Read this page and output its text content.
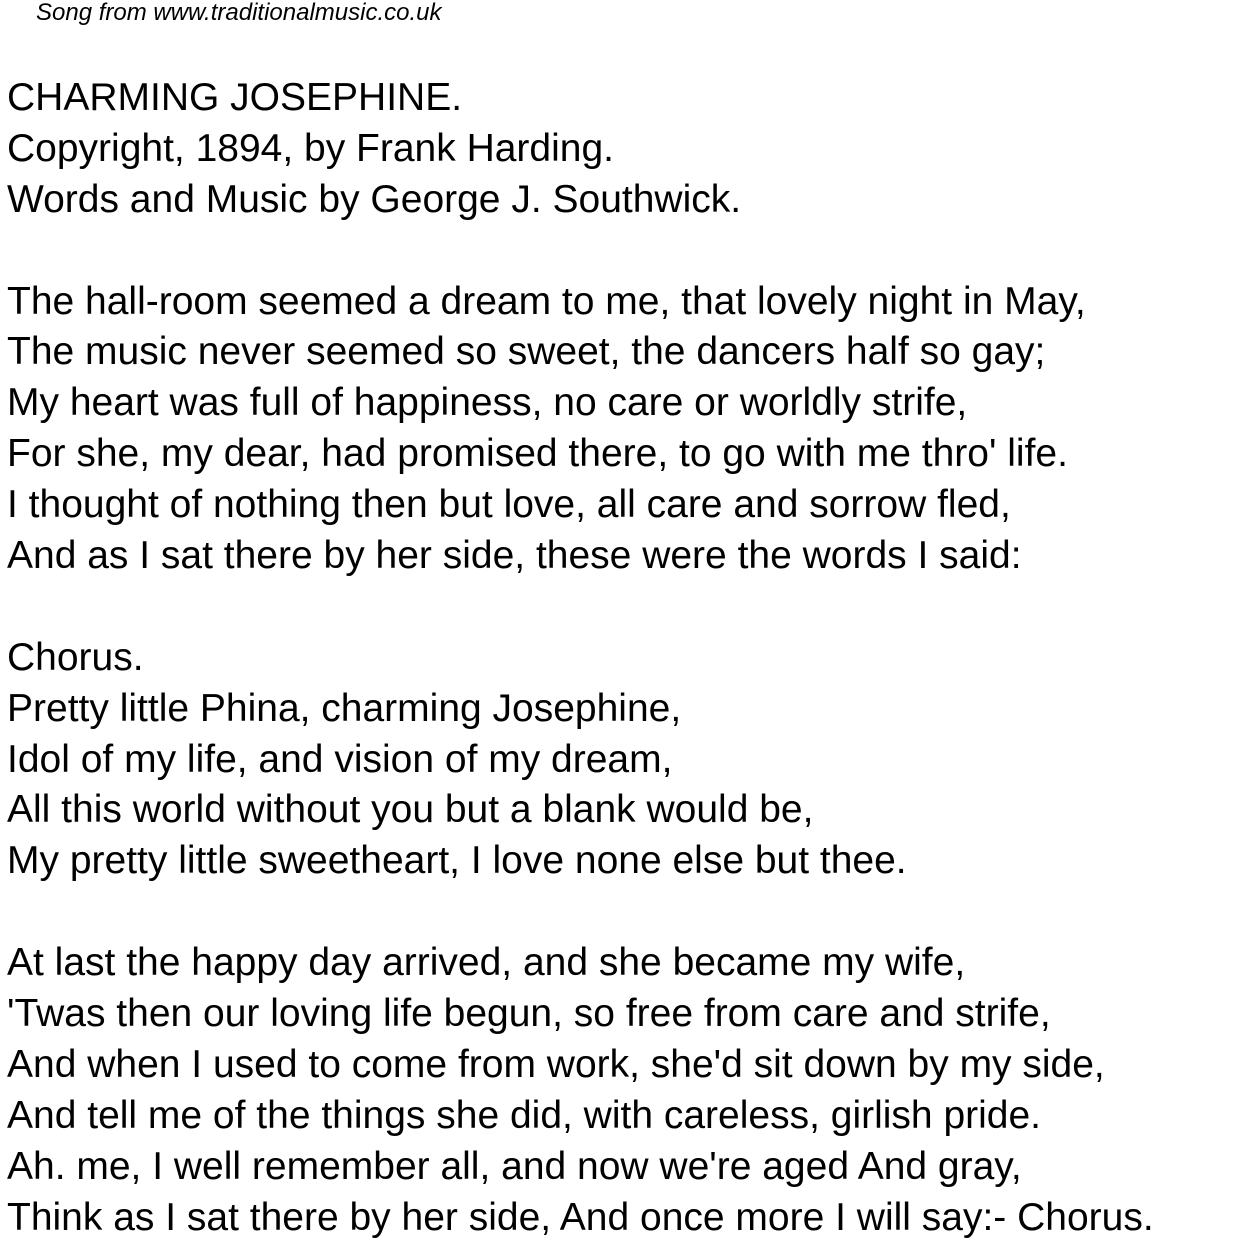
Song from www.traditionalmusic.co.uk
CHARMING JOSEPHINE.
Copyright, 1894, by Frank Harding.
Words and Music by George J. Southwick.
The hall-room seemed a dream to me, that lovely night in May,
The music never seemed so sweet, the dancers half so gay;
My heart was full of happiness, no care or worldly strife,
For she, my dear, had promised there, to go with me thro' life.
I thought of nothing then but love, all care and sorrow fled,
And as I sat there by her side, these were the words I said:
Chorus.
Pretty little Phina, charming Josephine,
Idol of my life, and vision of my dream,
All this world without you but a blank would be,
My pretty little sweetheart, I love none else but thee.
At last the happy day arrived, and she became my wife,
'Twas then our loving life begun, so free from care and strife,
And when I used to come from work, she'd sit down by my side,
And tell me of the things she did, with careless, girlish pride.
Ah. me, I well remember all, and now we're aged And gray,
Think as I sat there by her side, And once more I will say:- Chorus.
